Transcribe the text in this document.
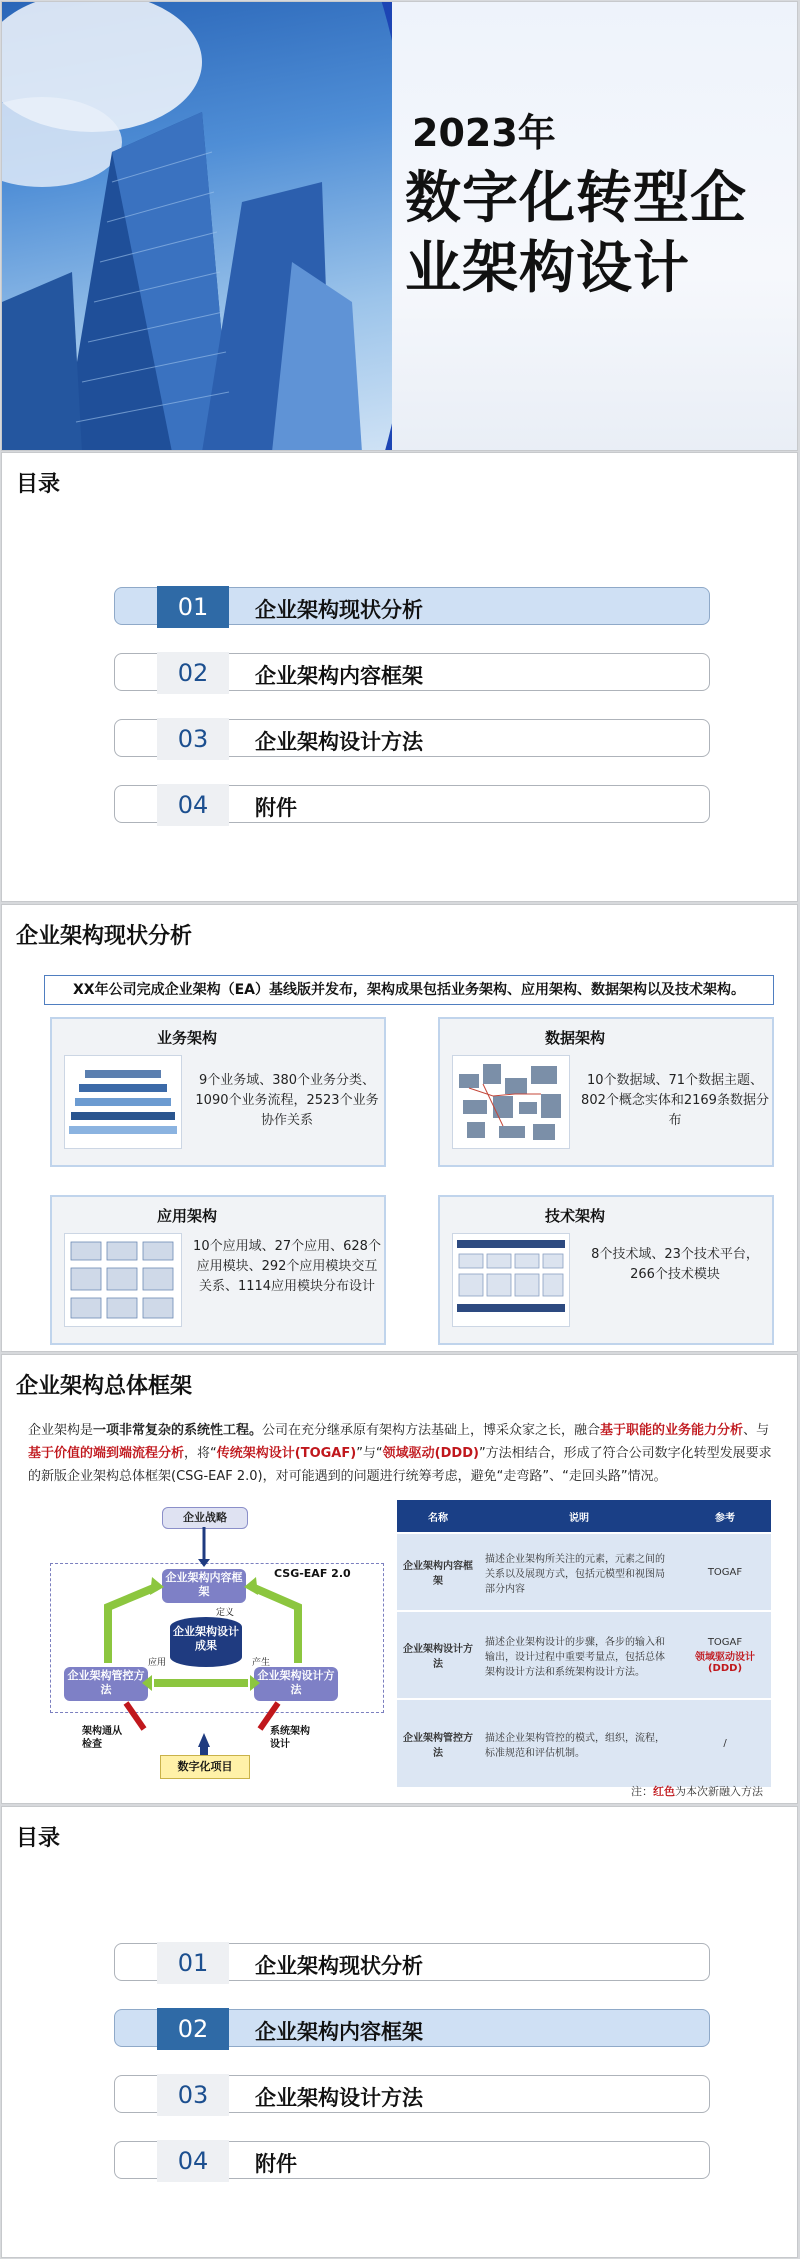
2023年
数字化转型企
业架构设计
目录
01	企业架构现状分析
02	企业架构内容框架
03	企业架构设计方法
04	附件
企业架构现状分析
XX年公司完成企业架构（EA）基线版并发布，架构成果包括业务架构、应用架构、数据架构以及技术架构。
业务架构
9个业务域、380个业务分类、1090个业务流程，2523个业务协作关系
数据架构
10个数据域、71个数据主题、802个概念实体和2169条数据分布
应用架构
10个应用域、27个应用、628个应用模块、292个应用模块交互关系、1114应用模块分布设计
技术架构
8个技术域、23个技术平台，266个技术模块
企业架构总体框架
企业架构是一项非常复杂的系统性工程。公司在充分继承原有架构方法基础上，博采众家之长，融合基于职能的业务能力分析、与基于价值的端到端流程分析，将“传统架构设计(TOGAF)”与“领域驱动(DDD)”方法相结合，形成了符合公司数字化转型发展要求的新版企业架构总体框架(CSG-EAF 2.0)，对可能遇到的问题进行统筹考虑，避免“走弯路”、“走回头路”情况。
企业战略
CSG-EAF 2.0
企业架构内容框架
企业架构设计成果
企业架构管控方法
企业架构设计方法
定义
应用	产生
架构通从检查
系统架构设计
数字化项目
名称	说明	参考
企业架构内容框架	描述企业架构所关注的元素，元素之间的关系以及展现方式，包括元模型和视图局部分内容	TOGAF

企业架构设计方法	描述企业架构设计的步骤，各步的输入和输出，设计过程中重要考量点，包括总体架构设计方法和系统架构设计方法。	TOGAF
领域驱动设计(DDD)

企业架构管控方法	描述企业架构管控的模式，组织，流程，标准规范和评估机制。	/
注：红色为本次新融入方法
目录
01	企业架构现状分析
02	企业架构内容框架
03	企业架构设计方法
04	附件
